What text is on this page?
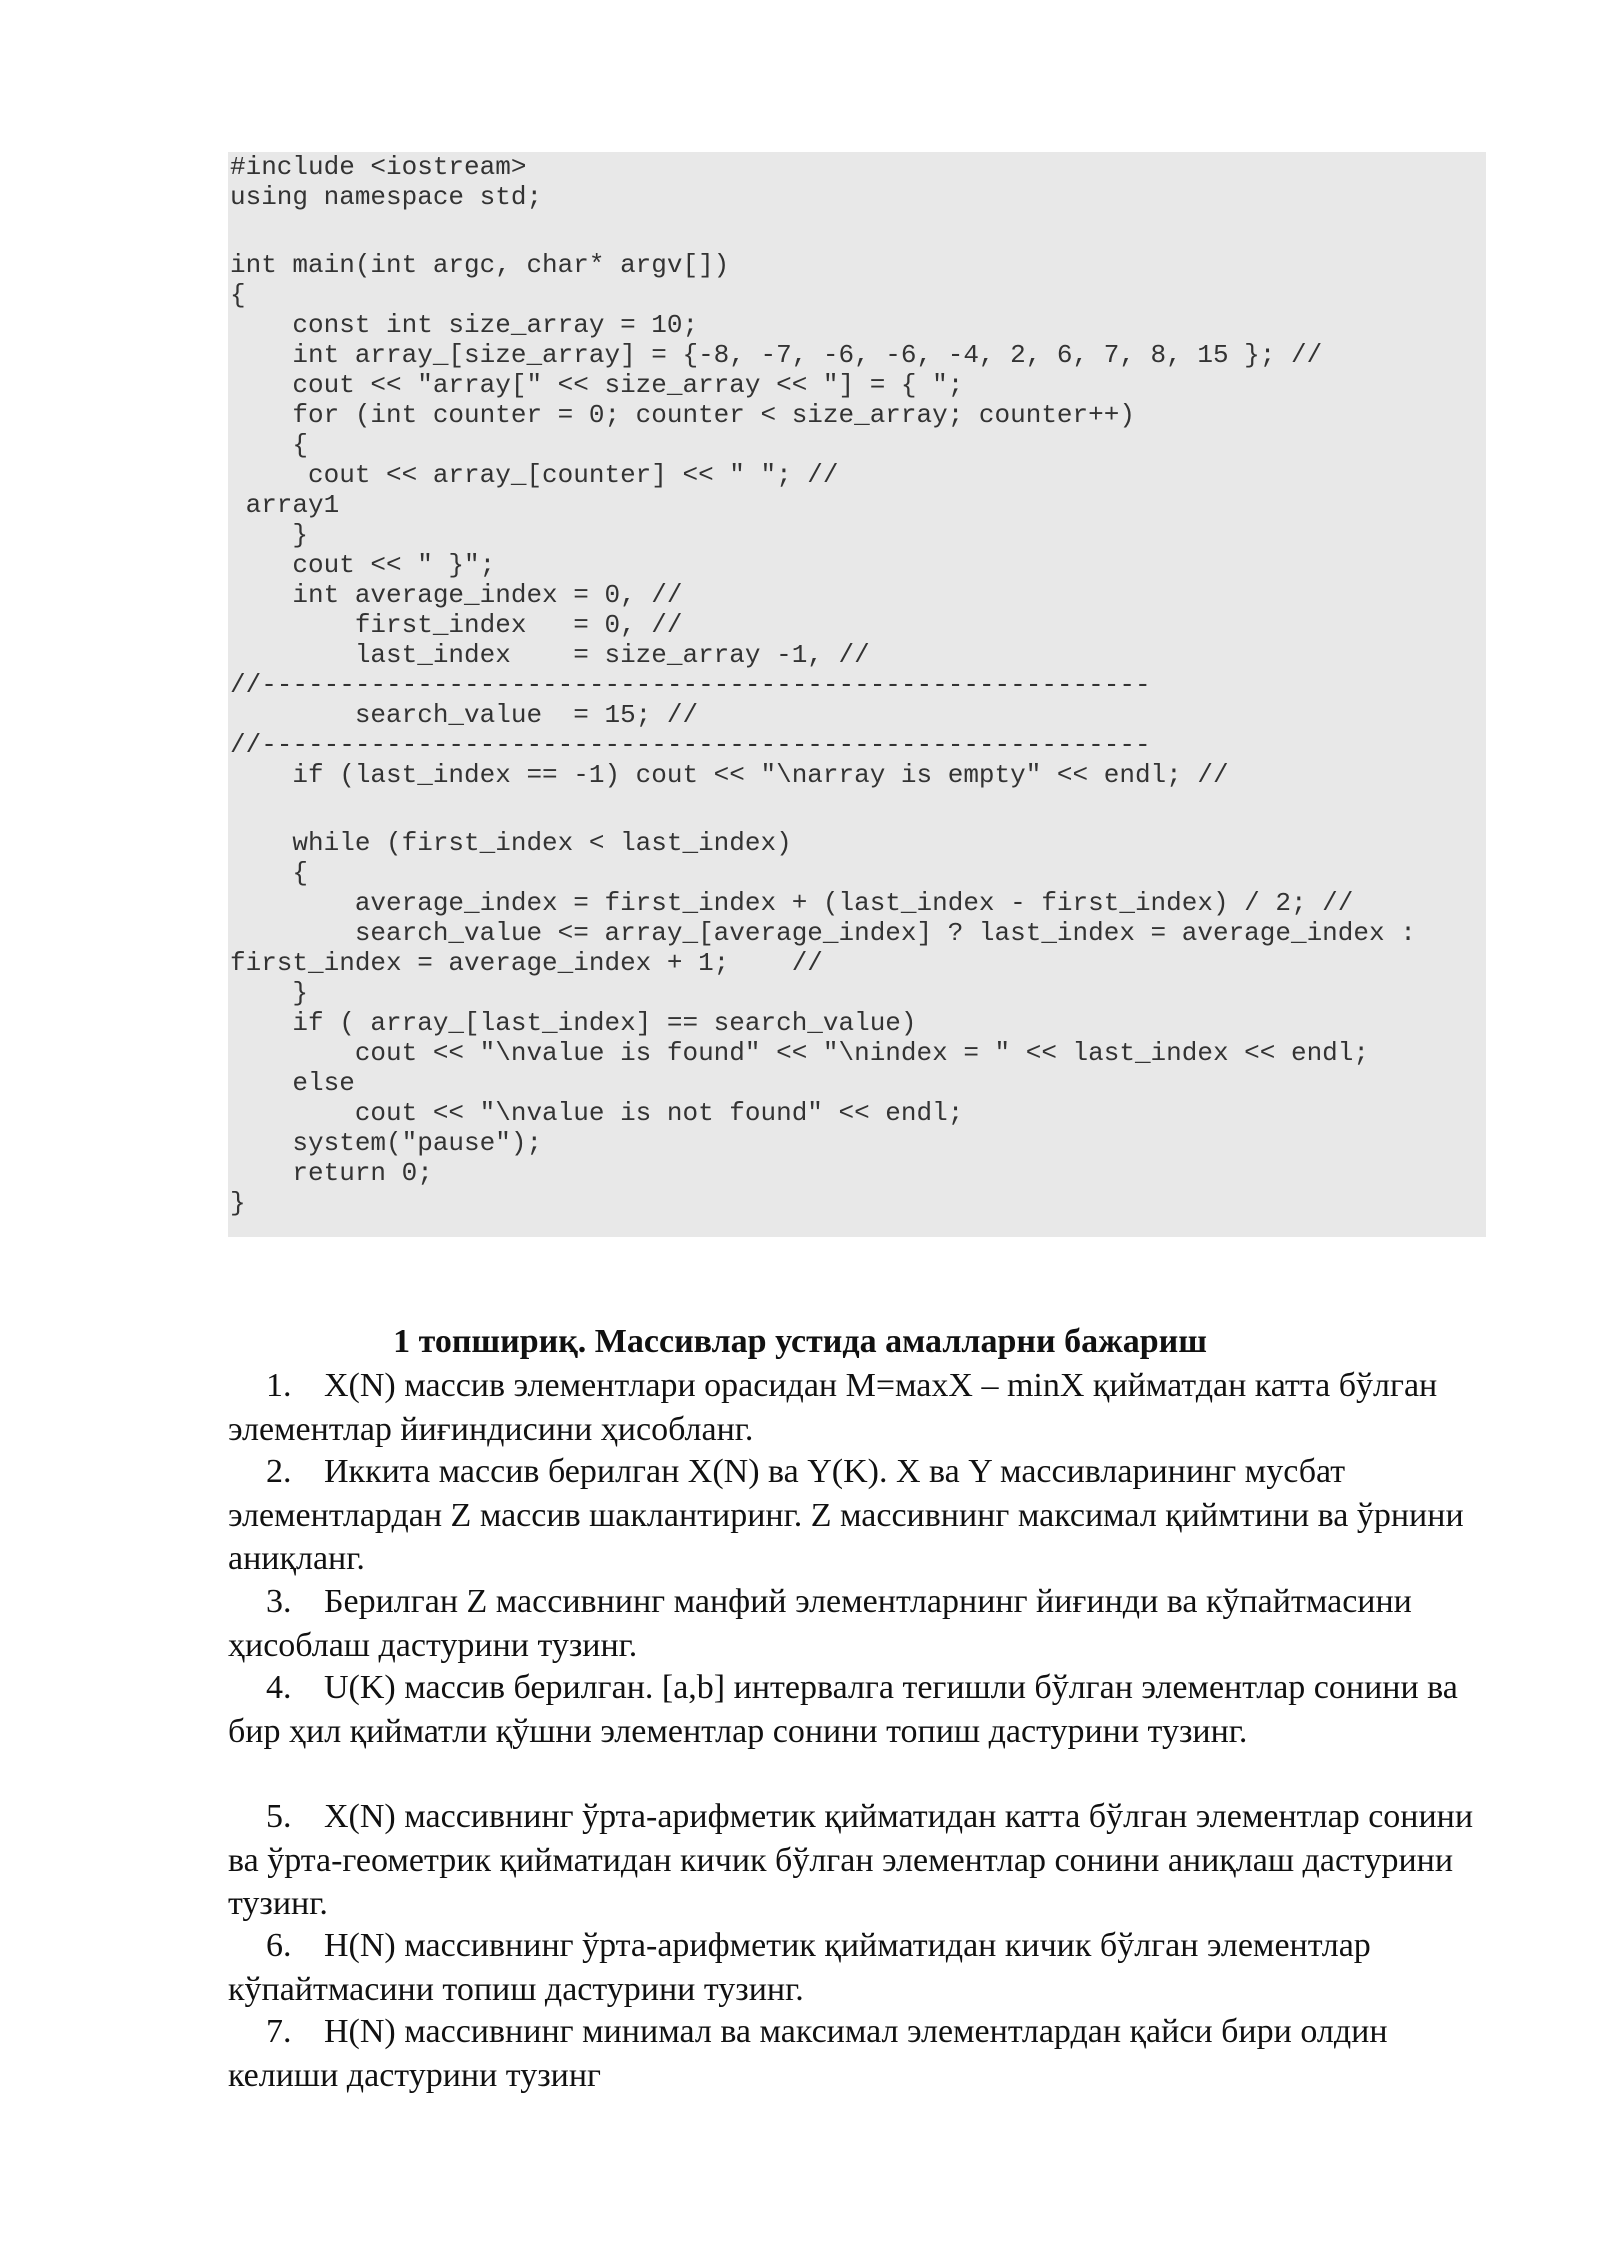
#include <iostream>
using namespace std;
int main(int argc, char* argv[])
{
const int size_array = 10;
int array_[size_array] = {-8, -7, -6, -6, -4, 2, 6, 7, 8, 15 }; //
cout << "array[" << size_array << "] = { ";
for (int counter = 0; counter < size_array; counter++)
{
cout << array_[counter] << " "; //
array1
}
cout << " }";
int average_index = 0, //
first_index   = 0, //
last_index    = size_array -1, //
//---------------------------------------------------------
search_value  = 15; //
//---------------------------------------------------------
if (last_index == -1) cout << "\narray is empty" << endl; //
while (first_index < last_index)
{
average_index = first_index + (last_index - first_index) / 2; //
search_value <= array_[average_index] ? last_index = average_index :
first_index = average_index + 1;    //
}
if ( array_[last_index] == search_value)
cout << "\nvalue is found" << "\nindex = " << last_index << endl;
else
cout << "\nvalue is not found" << endl;
system("pause");
return 0;
}
1 топшириқ. Массивлар устида амалларни бажариш
1. X(N) массив элементлари орасидан M=махX – minX қийматдан катта бўлган элементлар йиғиндисини ҳисобланг.
2. Иккита массив берилган X(N) ва Y(K). X ва Y массивларининг мусбат элементлардан Z массив шаклантиринг. Z массивнинг максимал қиймтини ва ўрнини аниқланг.
3. Берилган Z массивнинг манфий элементларнинг йиғинди ва кўпайтмасини ҳисоблаш дастурини тузинг.
4. U(K) массив берилган. [a,b] интервалга тегишли бўлган элементлар сонини ва бир ҳил қийматли қўшни элементлар сонини топиш дастурини тузинг.
5. X(N) массивнинг ўрта-арифметик қийматидан катта бўлган элементлар сонини ва ўрта-геометрик қийматидан кичик бўлган элементлар сонини аниқлаш дастурини тузинг.
6. H(N) массивнинг ўрта-арифметик қийматидан кичик бўлган элементлар кўпайтмасини топиш дастурини тузинг.
7. H(N) массивнинг минимал ва максимал элементлардан қайси бири олдин келиши дастурини тузинг
